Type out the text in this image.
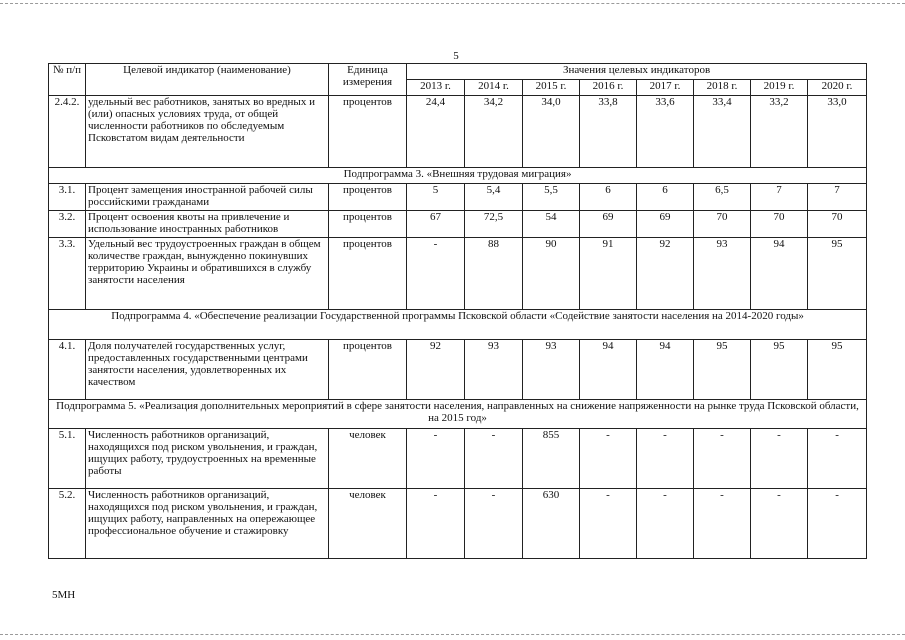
5
№ п/п	Целевой индикатор (наименование)	Единица измерения	Значения целевых индикаторов							
			2013 г.	2014 г.	2015 г.	2016 г.	2017 г.	2018 г.	2019 г.	2020 г.
2.4.2.	удельный вес работников, занятых во вредных и (или) опасных условиях труда, от общей численности работников по обследуемым Псковстатом видам деятельности	процентов	24,4	34,2	34,0	33,8	33,6	33,4	33,2	33,0
Подпрограмма 3. «Внешняя трудовая миграция»										
3.1.	Процент замещения иностранной рабочей силы российскими гражданами	процентов	5	5,4	5,5	6	6	6,5	7	7
3.2.	Процент освоения квоты на привлечение и использование иностранных работников	процентов	67	72,5	54	69	69	70	70	70
3.3.	Удельный вес трудоустроенных граждан в общем количестве граждан, вынужденно покинувших территорию Украины и обратившихся в службу занятости населения	процентов	-	88	90	91	92	93	94	95
Подпрограмма 4. «Обеспечение реализации Государственной программы Псковской области «Содействие занятости населения на 2014-2020 годы»										
4.1.	Доля получателей государственных услуг, предоставленных государственными центрами занятости населения, удовлетворенных их качеством	процентов	92	93	93	94	94	95	95	95
Подпрограмма 5. «Реализация дополнительных мероприятий в сфере занятости населения, направленных на снижение напряженности на рынке труда Псковской области, на 2015 год»										
5.1.	Численность работников организаций, находящихся под риском увольнения, и граждан, ищущих работу, трудоустроенных на временные работы	человек	-	-	855	-	-	-	-	-
5.2.	Численность работников организаций, находящихся под риском увольнения, и граждан, ищущих работу, направленных на опережающее профессиональное обучение и стажировку	человек	-	-	630	-	-	-	-	-
5МН
